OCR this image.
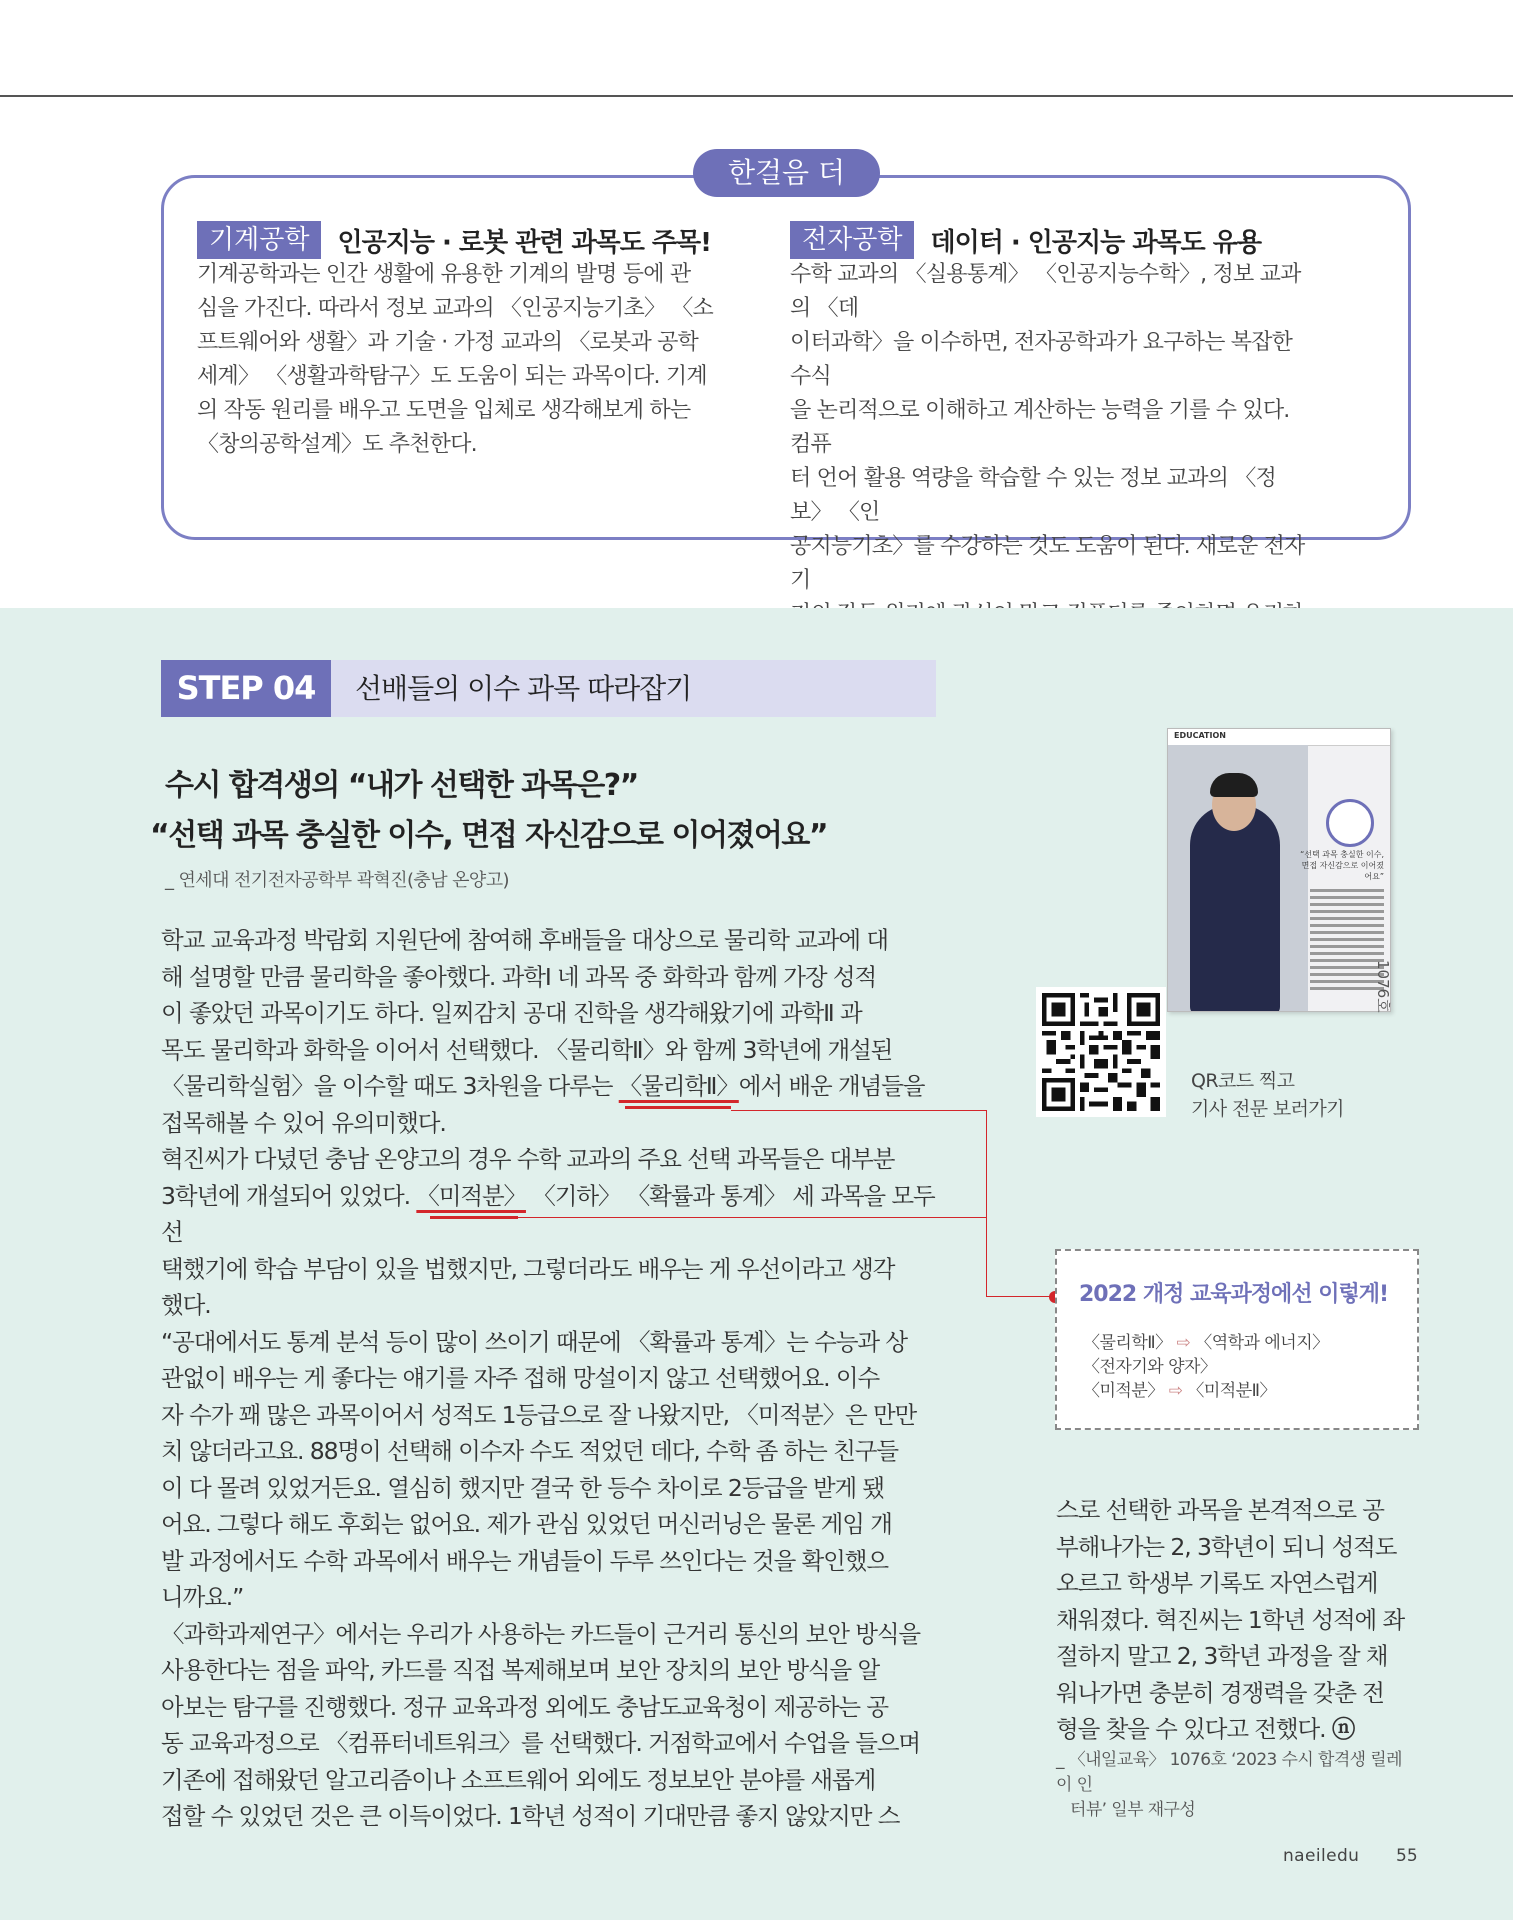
한걸음 더
기계공학	인공지능 · 로봇 관련 과목도 주목!
기계공학과는 인간 생활에 유용한 기계의 발명 등에 관
심을 가진다. 따라서 정보 교과의 〈인공지능기초〉 〈소
프트웨어와 생활〉과 기술 · 가정 교과의 〈로봇과 공학
세계〉 〈생활과학탐구〉도 도움이 되는 과목이다. 기계
의 작동 원리를 배우고 도면을 입체로 생각해보게 하는
〈창의공학설계〉도 추천한다.
전자공학	데이터 · 인공지능 과목도 유용
수학 교과의 〈실용통계〉 〈인공지능수학〉, 정보 교과의 〈데
이터과학〉을 이수하면, 전자공학과가 요구하는 복잡한 수식
을 논리적으로 이해하고 계산하는 능력을 기를 수 있다. 컴퓨
터 언어 활용 역량을 학습할 수 있는 정보 교과의 〈정보〉 〈인
공지능기초〉를 수강하는 것도 도움이 된다. 새로운 전자 기
STEP 04	선배들의 이수 과목 따라잡기
수시 합격생의 “내가 선택한 과목은?”
“선택 과목 충실한 이수, 면접 자신감으로 이어졌어요”
_ 연세대 전기전자공학부 곽혁진(충남 온양고)

학교 교육과정 박람회 지원단에 참여해 후배들을 대상으로 물리학 교과에 대

해 설명할 만큼 물리학을 좋아했다. 과학Ⅰ 네 과목 중 화학과 함께 가장 성적

이 좋았던 과목이기도 하다. 일찌감치 공대 진학을 생각해왔기에 과학Ⅱ 과

목도 물리학과 화학을 이어서 선택했다. 〈물리학Ⅱ〉와 함께 3학년에 개설된

〈물리학실험〉을 이수할 때도 3차원을 다루는 〈물리학Ⅱ〉에서 배운 개념들을

접목해볼 수 있어 유의미했다.

혁진씨가 다녔던 충남 온양고의 경우 수학 교과의 주요 선택 과목들은 대부분

3학년에 개설되어 있었다. 〈미적분〉 〈기하〉 〈확률과 통계〉 세 과목을 모두 선

택했기에 학습 부담이 있을 법했지만, 그렇더라도 배우는 게 우선이라고 생각

했다.

“공대에서도 통계 분석 등이 많이 쓰이기 때문에 〈확률과 통계〉는 수능과 상

관없이 배우는 게 좋다는 얘기를 자주 접해 망설이지 않고 선택했어요. 이수

자 수가 꽤 많은 과목이어서 성적도 1등급으로 잘 나왔지만, 〈미적분〉은 만만

치 않더라고요. 88명이 선택해 이수자 수도 적었던 데다, 수학 좀 하는 친구들

이 다 몰려 있었거든요. 열심히 했지만 결국 한 등수 차이로 2등급을 받게 됐

어요. 그렇다 해도 후회는 없어요. 제가 관심 있었던 머신러닝은 물론 게임 개

발 과정에서도 수학 과목에서 배우는 개념들이 두루 쓰인다는 것을 확인했으

니까요.”

〈과학과제연구〉에서는 우리가 사용하는 카드들이 근거리 통신의 보안 방식을

사용한다는 점을 파악, 카드를 직접 복제해보며 보안 장치의 보안 방식을 알

아보는 탐구를 진행했다. 정규 교육과정 외에도 충남도교육청이 제공하는 공

동 교육과정으로 〈컴퓨터네트워크〉를 선택했다. 거점학교에서 수업을 들으며

기존에 접해왔던 알고리즘이나 소프트웨어 외에도 정보보안 분야를 새롭게

접할 수 있었던 것은 큰 이득이었다. 1학년 성적이 기대만큼 좋지 않았지만 스

EDUCATION
“선택 과목 충실한 이수, 면접 자신감으로 이어졌어요”
1076호
QR코드 찍고
기사 전문 보러가기
2022 개정 교육과정에선 이렇게!
〈물리학Ⅱ〉 ⇨ 〈역학과 에너지〉
〈전자기와 양자〉
〈미적분〉 ⇨ 〈미적분Ⅱ〉
스로 선택한 과목을 본격적으로 공
부해나가는 2, 3학년이 되니 성적도
오르고 학생부 기록도 자연스럽게
채워졌다. 혁진씨는 1학년 성적에 좌
절하지 말고 2, 3학년 과정을 잘 채
워나가면 충분히 경쟁력을 갖춘 전
형을 찾을 수 있다고 전했다. ⓝ
_ 〈내일교육〉 1076호 ‘2023 수시 합격생 릴레이 인
터뷰’ 일부 재구성
naeiledu 55
